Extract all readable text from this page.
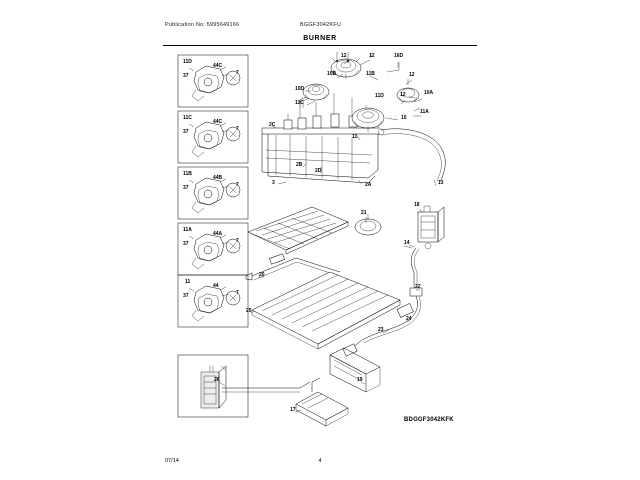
Publication No: 5995649166	BGGF3042KFU
BURNER
11D
44C
37	7
11C
44C
37	7
11B
44B
37	7
11A
44A
37	7
11
44
37	7
12	12	16D
10D
10B	11B	12
11C
11D	12	10A
11A
10
11
2C
2B
2D
2A
3	13
21
18
14
20
22
24
23
25
26	19
17
07/14	4
BDGGF3042KFK
